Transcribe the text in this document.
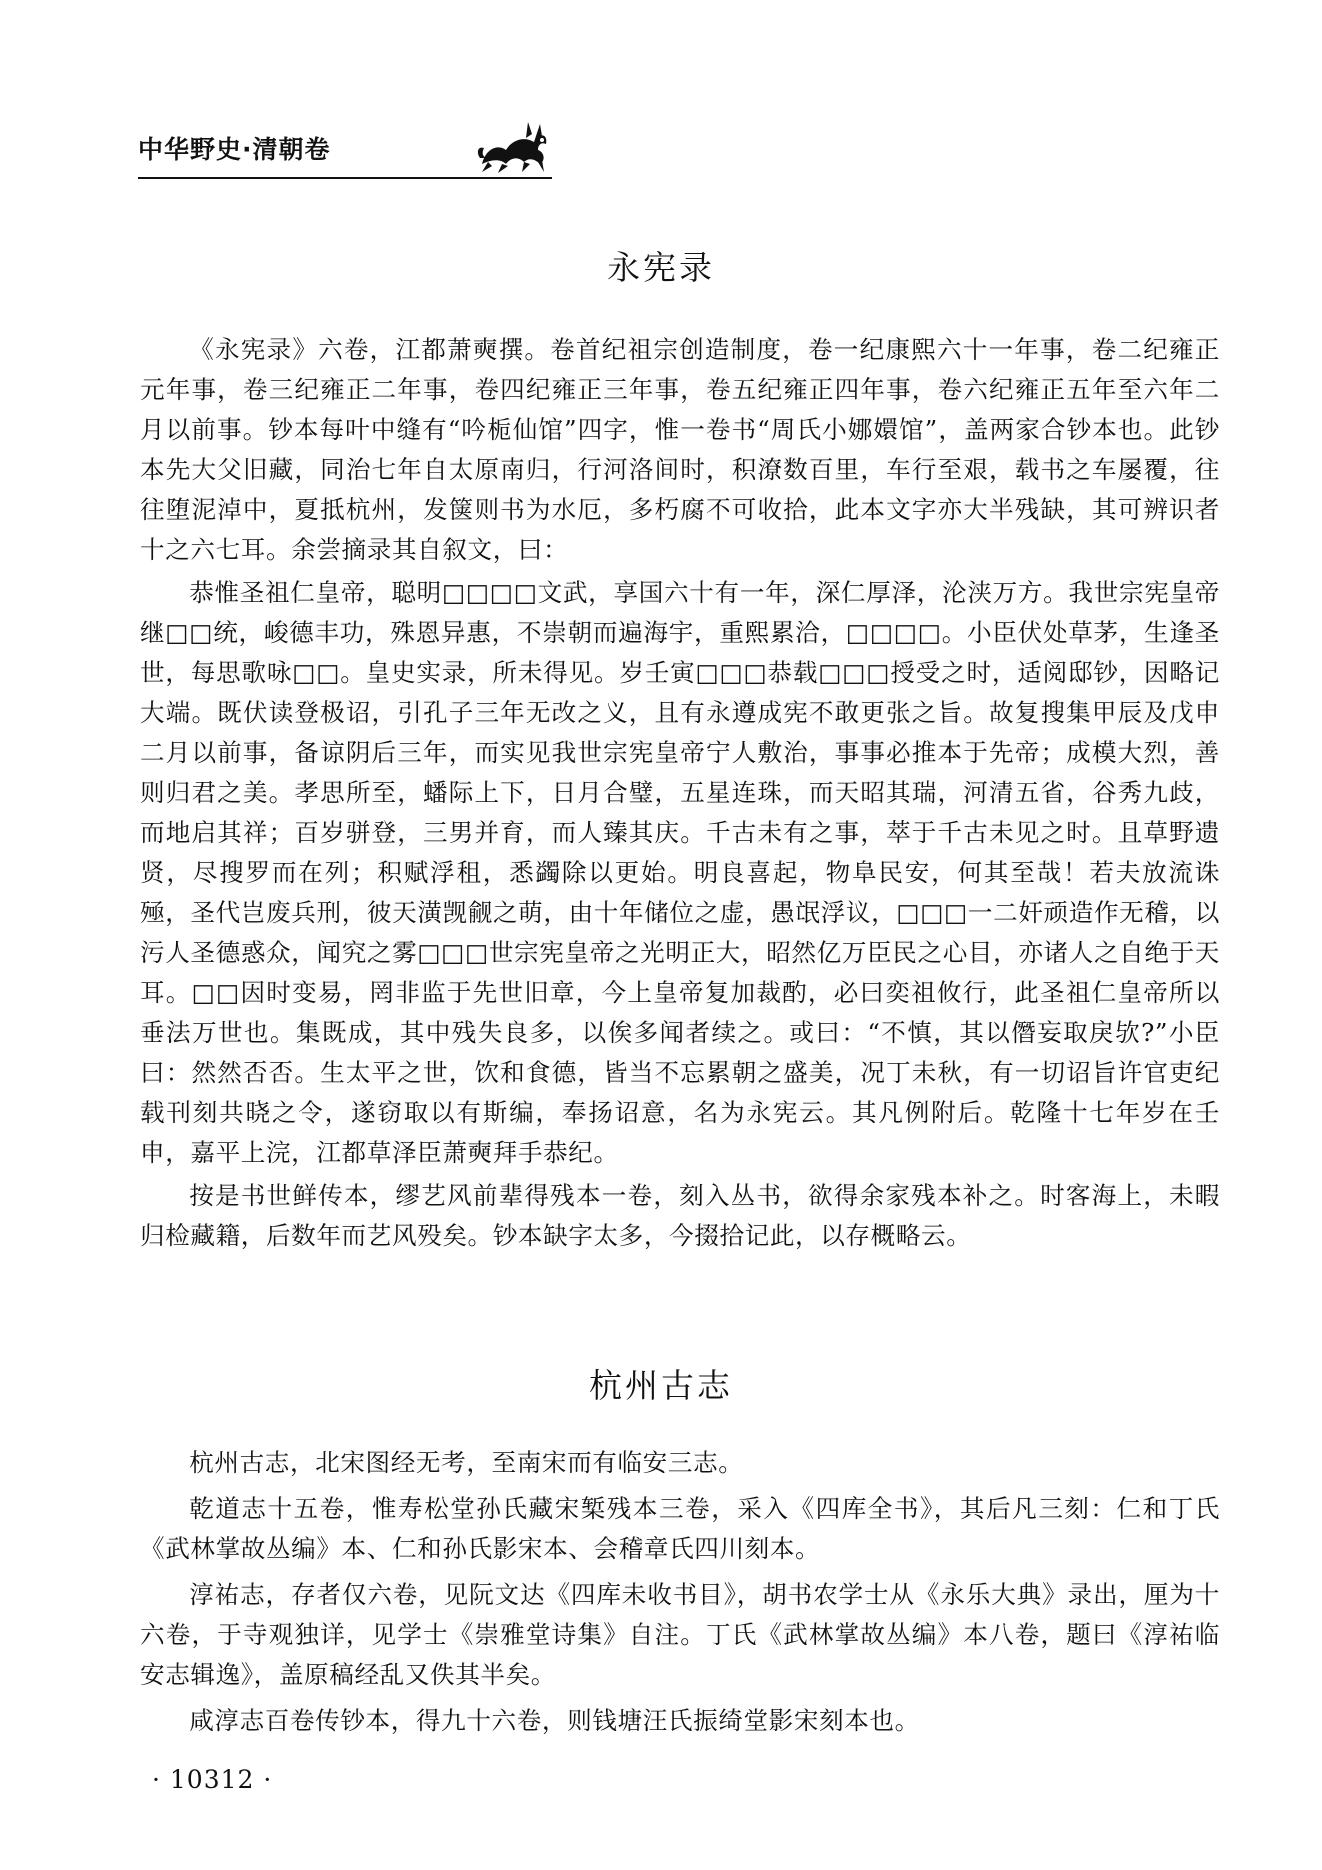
中华野史·清朝卷
永宪录

《永宪录》六卷，江都萧奭撰。卷首纪祖宗创造制度，卷一纪康熙六十一年事，卷二纪雍正元年事，卷三纪雍正二年事，卷四纪雍正三年事，卷五纪雍正四年事，卷六纪雍正五年至六年二月以前事。钞本每叶中缝有“吟栀仙馆”四字，惟一卷书“周氏小娜嬛馆”，盖两家合钞本也。此钞本先大父旧藏，同治七年自太原南归，行河洛间时，积潦数百里，车行至艰，载书之车屡覆，往往堕泥淖中，夏抵杭州，发箧则书为水厄，多朽腐不可收拾，此本文字亦大半残缺，其可辨识者十之六七耳。余尝摘录其自叙文，曰：

恭惟圣祖仁皇帝，聪明□□□□文武，享国六十有一年，深仁厚泽，沦浃万方。我世宗宪皇帝继□□统，峻德丰功，殊恩异惠，不崇朝而遍海宇，重熙累洽，□□□□。小臣伏处草茅，生逢圣世，每思歌咏□□。皇史实录，所未得见。岁壬寅□□□恭载□□□授受之时，适阅邸钞，因略记大端。既伏读登极诏，引孔子三年无改之义，且有永遵成宪不敢更张之旨。故复搜集甲辰及戊申二月以前事，备谅阴后三年，而实见我世宗宪皇帝宁人敷治，事事必推本于先帝；成模大烈，善则归君之美。孝思所至，蟠际上下，日月合璧，五星连珠，而天昭其瑞，河清五省，谷秀九歧，而地启其祥；百岁骈登，三男并育，而人臻其庆。千古未有之事，萃于千古未见之时。且草野遗贤，尽搜罗而在列；积赋浮租，悉蠲除以更始。明良喜起，物阜民安，何其至哉！若夫放流诛殛，圣代岂废兵刑，彼天潢觊觎之萌，由十年储位之虚，愚氓浮议，□□□一二奸顽造作无稽，以污人圣德惑众，闻究之雾□□□世宗宪皇帝之光明正大，昭然亿万臣民之心目，亦诸人之自绝于天耳。□□因时变易，罔非监于先世旧章，今上皇帝复加裁酌，必曰奕祖攸行，此圣祖仁皇帝所以垂法万世也。集既成，其中残失良多，以俟多闻者续之。或曰：“不慎，其以僭妄取戾欤?”小臣曰：然然否否。生太平之世，饮和食德，皆当不忘累朝之盛美，况丁未秋，有一切诏旨许官吏纪载刊刻共晓之令，遂窃取以有斯编，奉扬诏意，名为永宪云。其凡例附后。乾隆十七年岁在壬申，嘉平上浣，江都草泽臣萧奭拜手恭纪。

按是书世鲜传本，缪艺风前辈得残本一卷，刻入丛书，欲得余家残本补之。时客海上，未暇归检藏籍，后数年而艺风殁矣。钞本缺字太多，今掇拾记此，以存概略云。

杭州古志

杭州古志，北宋图经无考，至南宋而有临安三志。

乾道志十五卷，惟寿松堂孙氏藏宋椠残本三卷，采入《四库全书》，其后凡三刻：仁和丁氏《武林掌故丛编》本、仁和孙氏影宋本、会稽章氏四川刻本。

淳祐志，存者仅六卷，见阮文达《四库未收书目》，胡书农学士从《永乐大典》录出，厘为十六卷，于寺观独详，见学士《崇雅堂诗集》自注。丁氏《武林掌故丛编》本八卷，题曰《淳祐临安志辑逸》，盖原稿经乱又佚其半矣。

咸淳志百卷传钞本，得九十六卷，则钱塘汪氏振绮堂影宋刻本也。

· 10312 ·
